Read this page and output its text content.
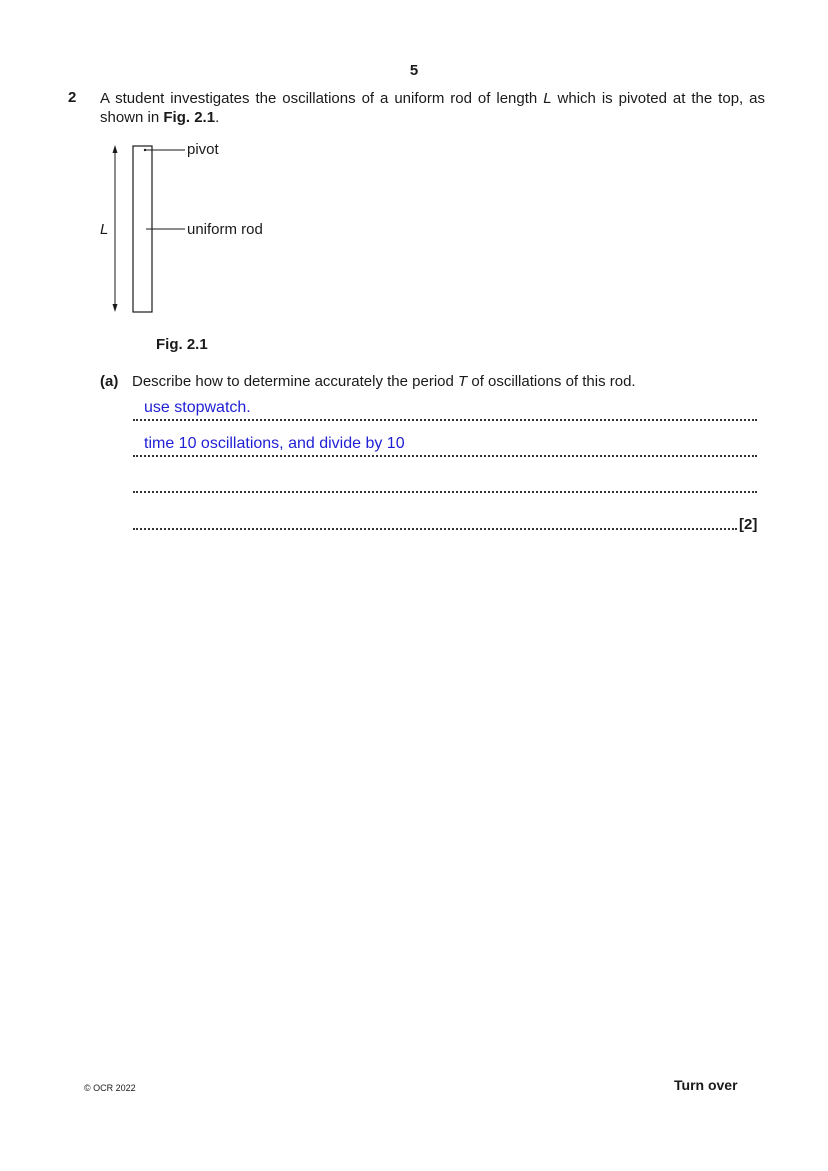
5
2 A student investigates the oscillations of a uniform rod of length L which is pivoted at the top, as shown in Fig. 2.1.
L
pivot
uniform rod
Fig. 2.1
(a) Describe how to determine accurately the period T of oscillations of this rod.
use stopwatch.
time 10 oscillations, and divide by 10
[2]
© OCR 2022	Turn over
